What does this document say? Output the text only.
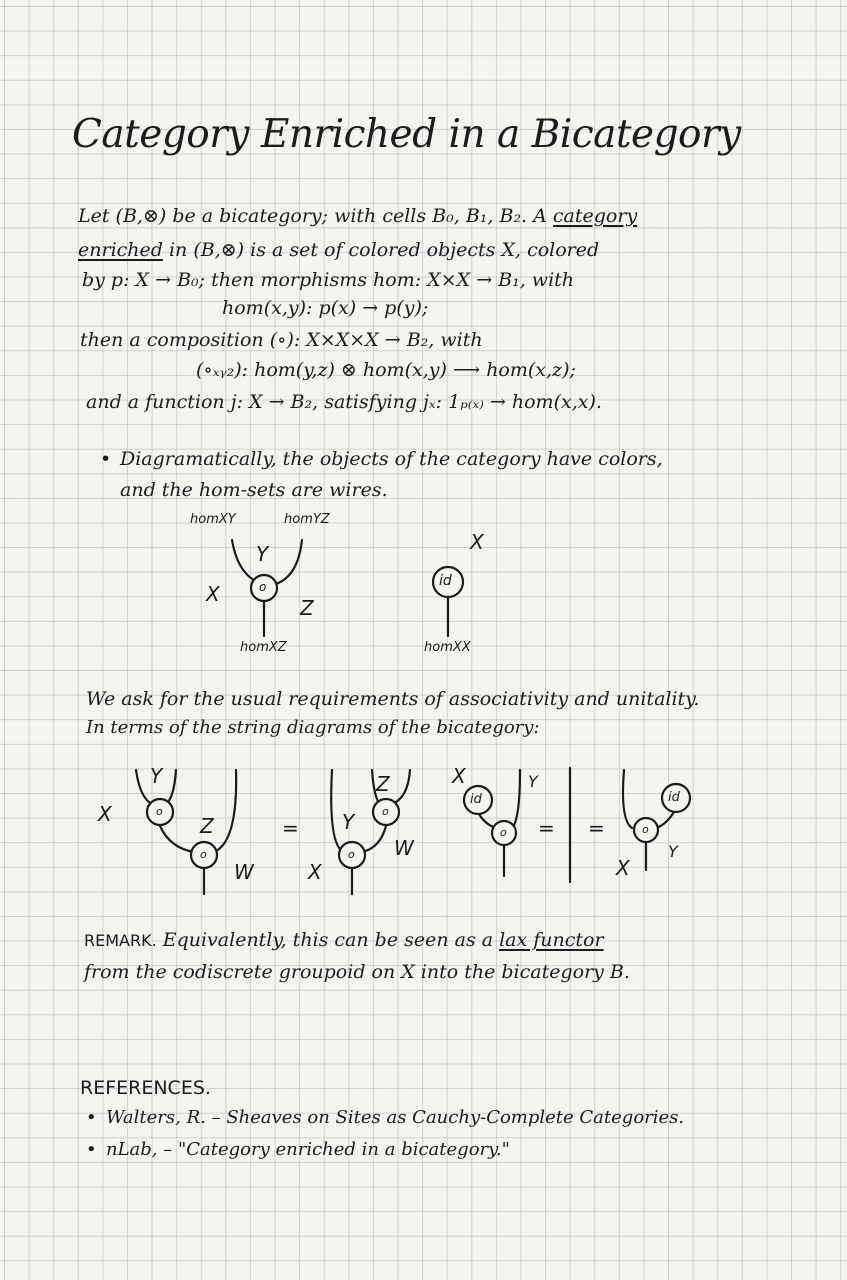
Category Enriched in a Bicategory
Let (B,⊗) be a bicategory; with cells B₀, B₁, B₂. A category
enriched in (B,⊗) is a set of colored objects X, colored
by p: X → B₀; then morphisms hom: X×X → B₁, with
hom(x,y): p(x) → p(y);
then a composition (∘): X×X×X → B₂, with
(∘ₓᵧ₂): hom(y,z) ⊗ hom(x,y) ⟶ hom(x,z);
and a function j: X → B₂, satisfying jₓ: 1ₚ₍ₓ₎ → hom(x,x).
• Diagramatically, the objects of the category have colors,
and the hom-sets are wires.
homXY	homYZ
Y
X
Z
o
homXZ
X
id
homXX
We ask for the usual requirements of associativity and unitality.
In terms of the string diagrams of the bicategory:
Y
X	Z
W
o
o
=
Z
Y
W
X
o
o
X	Y
id
o = =
id
o
X
Y
REMARK. Equivalently, this can be seen as a lax functor
from the codiscrete groupoid on X into the bicategory B.
REFERENCES.
• Walters, R. – Sheaves on Sites as Cauchy-Complete Categories.
• nLab, – "Category enriched in a bicategory."
